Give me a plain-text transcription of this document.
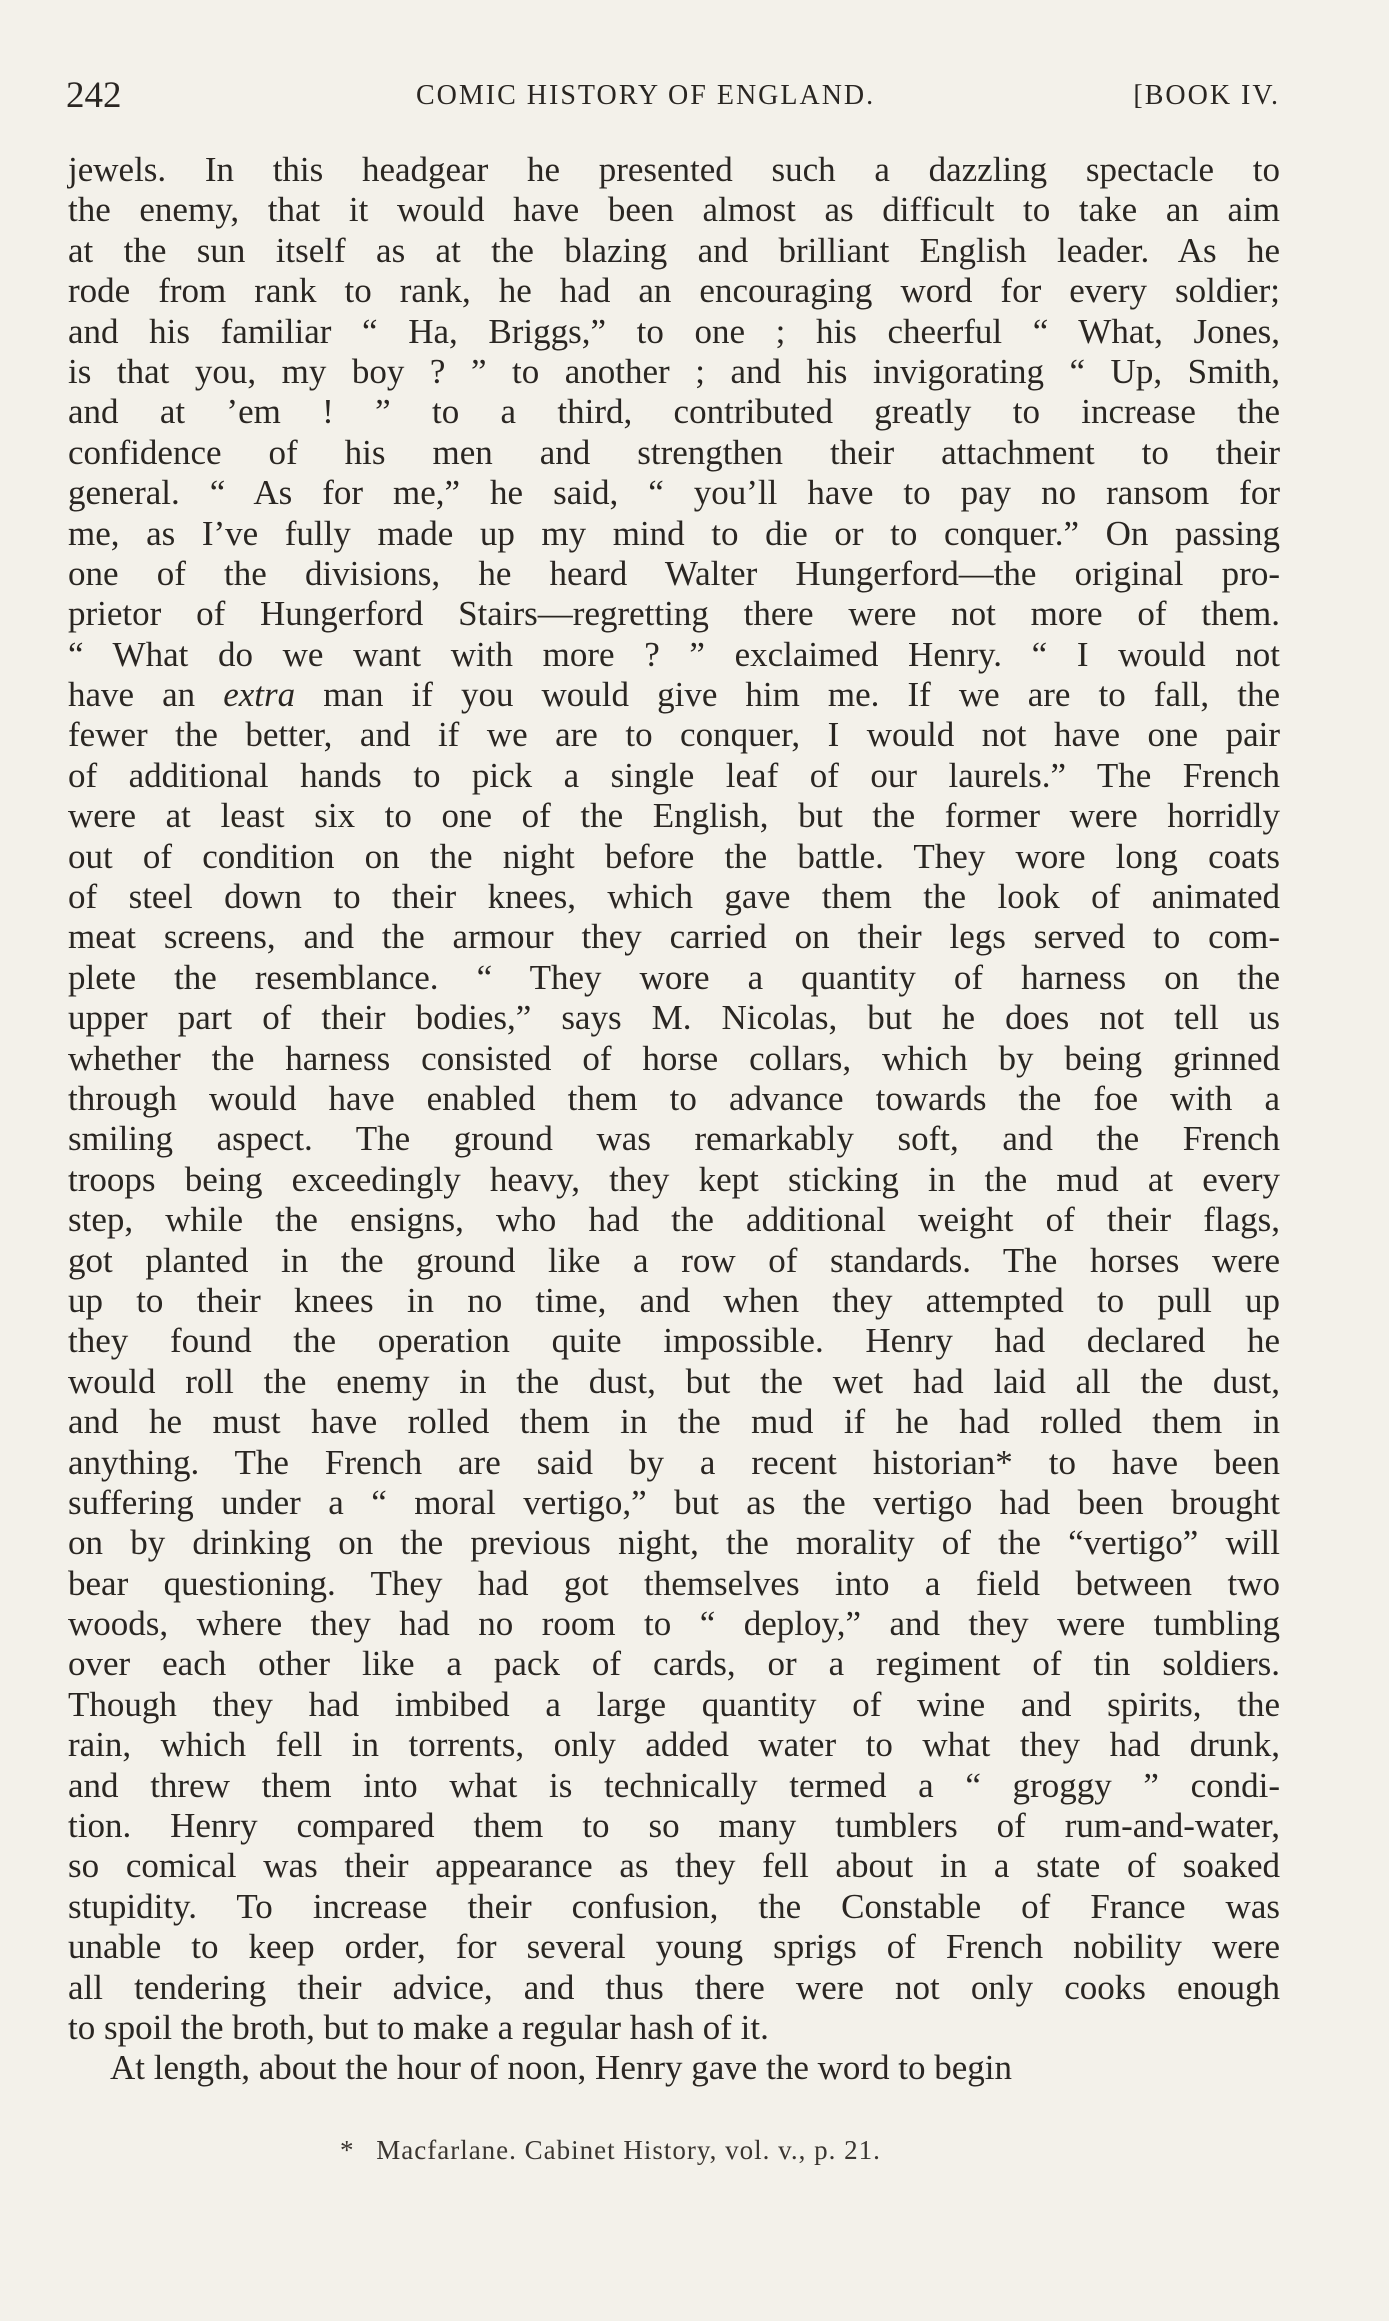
242	COMIC HISTORY OF ENGLAND.	[BOOK IV.
jewels. In this headgear he presented such a dazzling spectacle to
the enemy, that it would have been almost as difficult to take an aim
at the sun itself as at the blazing and brilliant English leader. As he
rode from rank to rank, he had an encouraging word for every soldier;
and his familiar “ Ha, Briggs,” to one ; his cheerful “ What, Jones,
is that you, my boy ? ” to another ; and his invigorating “ Up, Smith,
and at ’em ! ” to a third, contributed greatly to increase the
confidence of his men and strengthen their attachment to their
general. “ As for me,” he said, “ you’ll have to pay no ransom for
me, as I’ve fully made up my mind to die or to conquer.” On passing
one of the divisions, he heard Walter Hungerford—the original pro-
prietor of Hungerford Stairs—regretting there were not more of them.
“ What do we want with more ? ” exclaimed Henry. “ I would not
have an extra man if you would give him me. If we are to fall, the
fewer the better, and if we are to conquer, I would not have one pair
of additional hands to pick a single leaf of our laurels.” The French
were at least six to one of the English, but the former were horridly
out of condition on the night before the battle. They wore long coats
of steel down to their knees, which gave them the look of animated
meat screens, and the armour they carried on their legs served to com-
plete the resemblance. “ They wore a quantity of harness on the
upper part of their bodies,” says M. Nicolas, but he does not tell us
whether the harness consisted of horse collars, which by being grinned
through would have enabled them to advance towards the foe with a
smiling aspect. The ground was remarkably soft, and the French
troops being exceedingly heavy, they kept sticking in the mud at every
step, while the ensigns, who had the additional weight of their flags,
got planted in the ground like a row of standards. The horses were
up to their knees in no time, and when they attempted to pull up
they found the operation quite impossible. Henry had declared he
would roll the enemy in the dust, but the wet had laid all the dust,
and he must have rolled them in the mud if he had rolled them in
anything. The French are said by a recent historian* to have been
suffering under a “ moral vertigo,” but as the vertigo had been brought
on by drinking on the previous night, the morality of the “vertigo” will
bear questioning. They had got themselves into a field between two
woods, where they had no room to “ deploy,” and they were tumbling
over each other like a pack of cards, or a regiment of tin soldiers.
Though they had imbibed a large quantity of wine and spirits, the
rain, which fell in torrents, only added water to what they had drunk,
and threw them into what is technically termed a “ groggy ” condi-
tion. Henry compared them to so many tumblers of rum-and-water,
so comical was their appearance as they fell about in a state of soaked
stupidity. To increase their confusion, the Constable of France was
unable to keep order, for several young sprigs of French nobility were
all tendering their advice, and thus there were not only cooks enough
to spoil the broth, but to make a regular hash of it.
At length, about the hour of noon, Henry gave the word to begin
* Macfarlane. Cabinet History, vol. v., p. 21.
